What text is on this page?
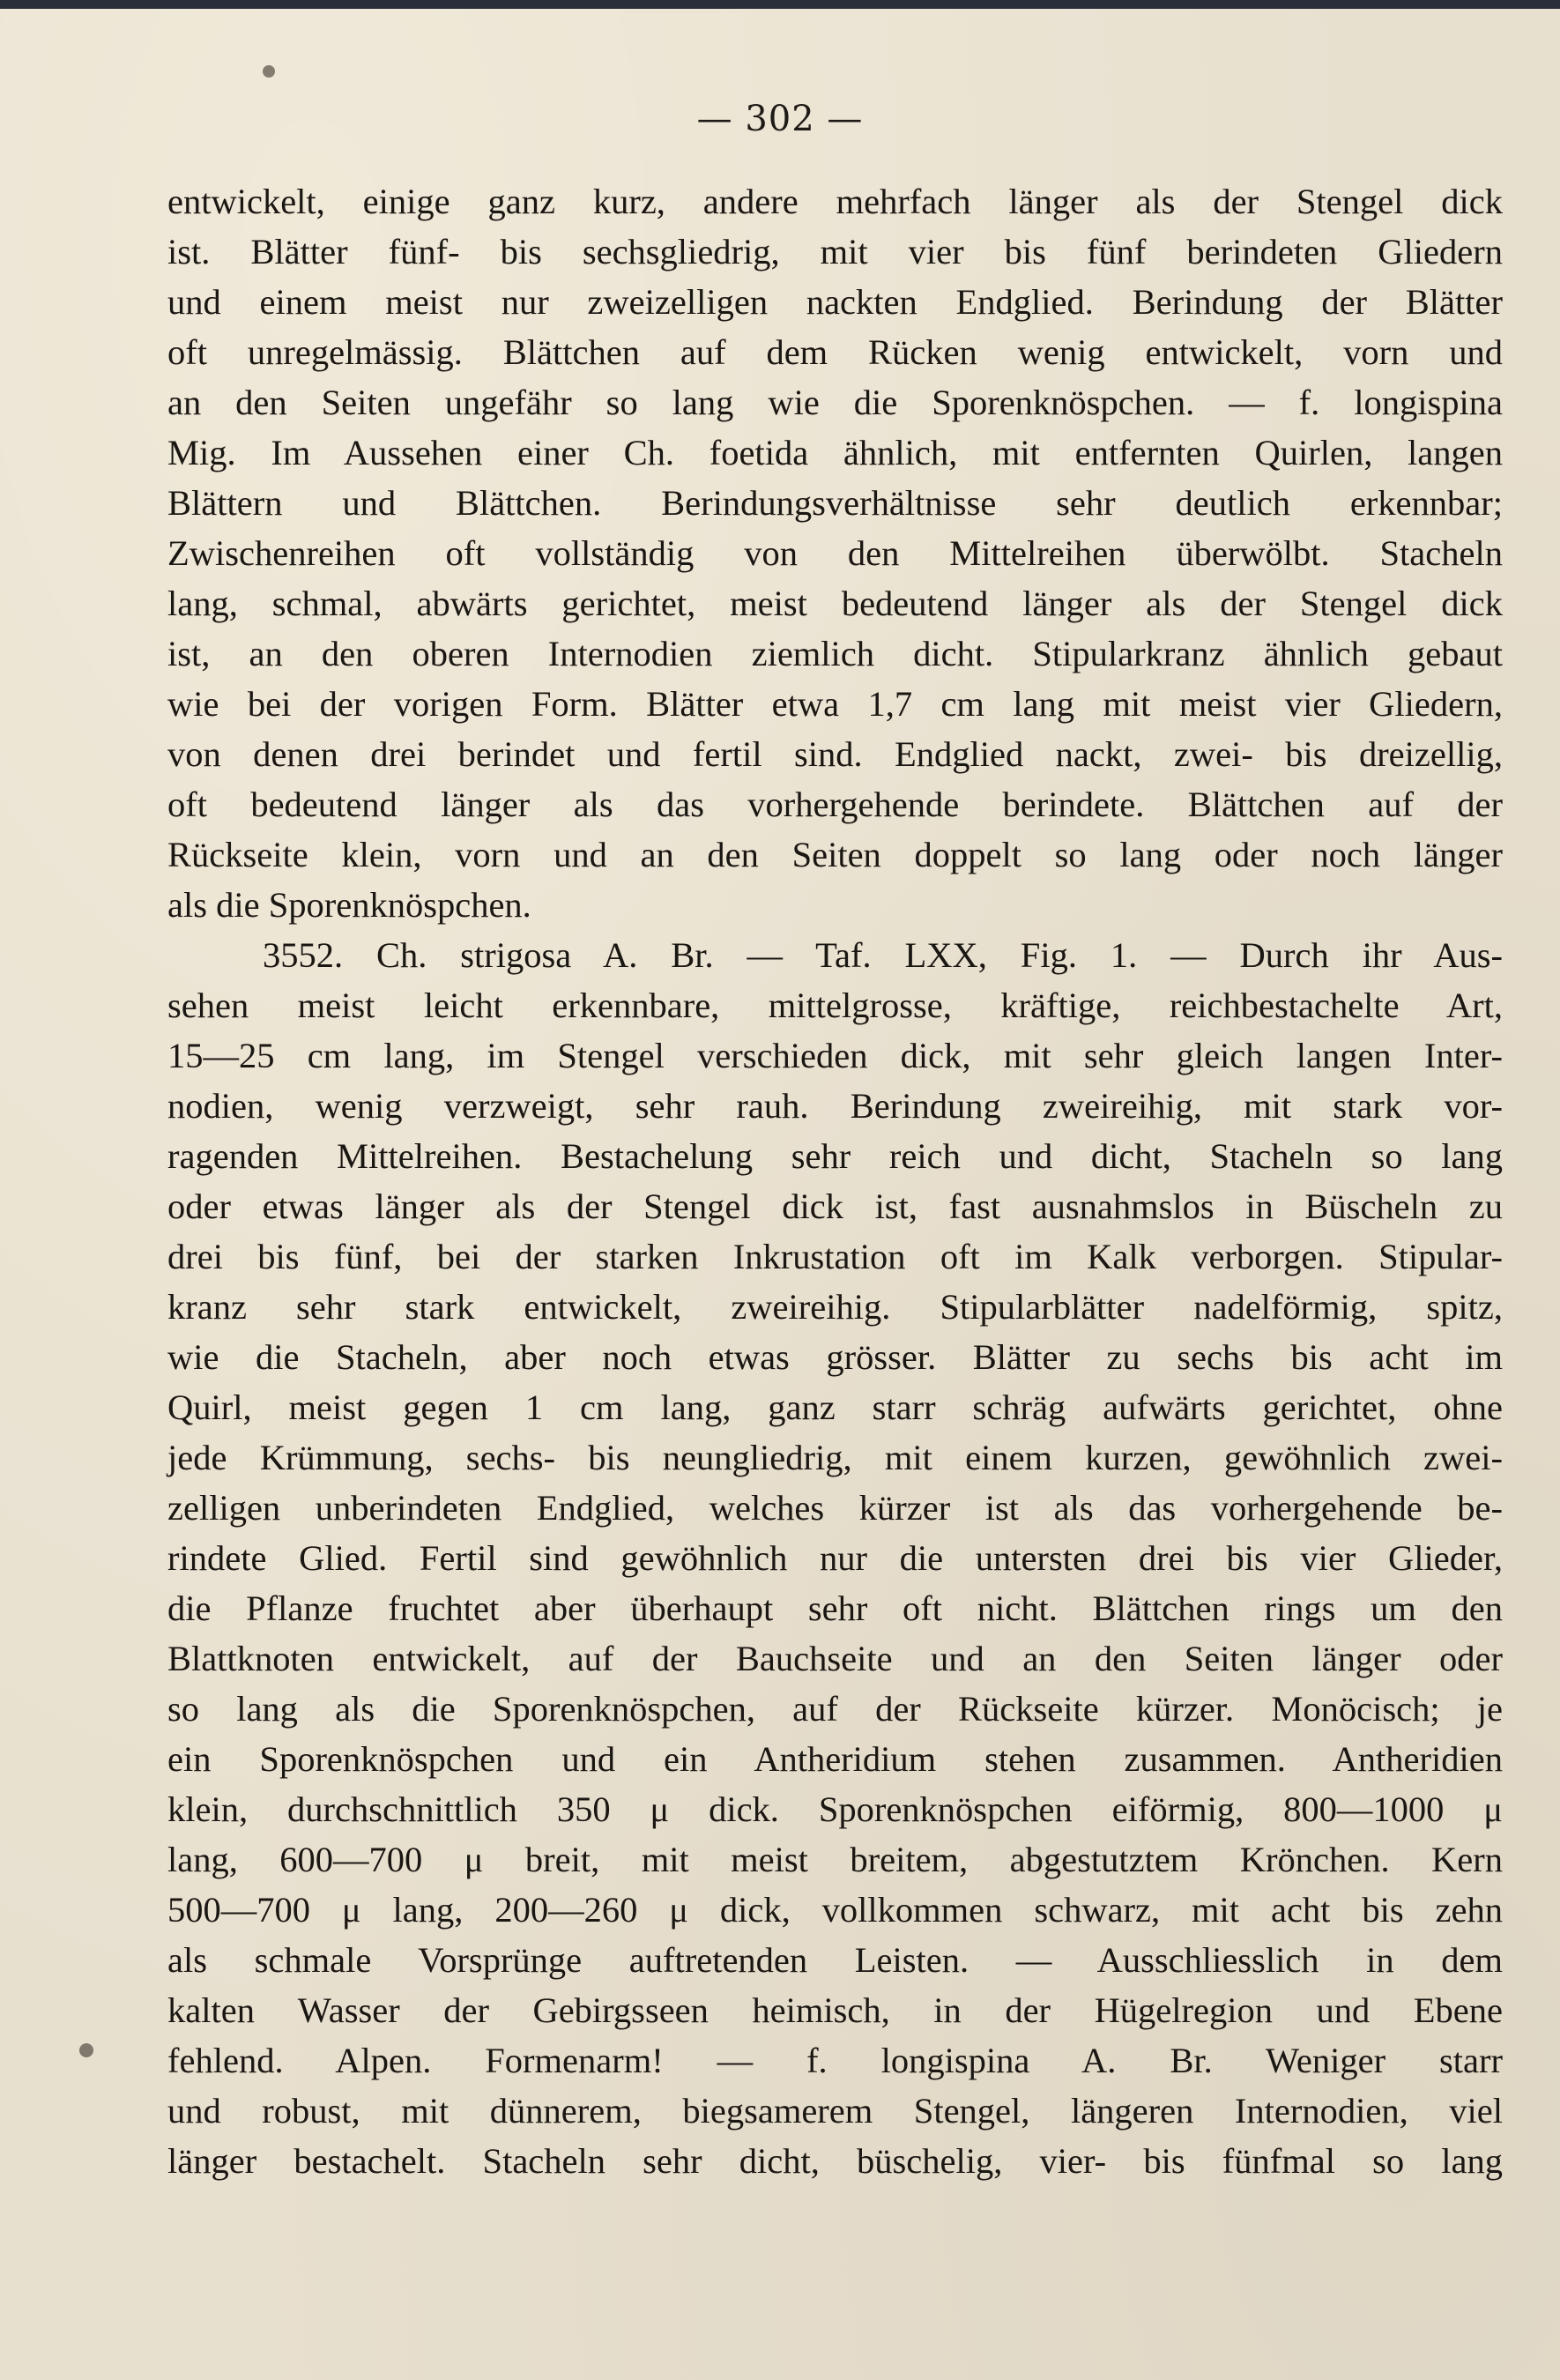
— 302 —
entwickelt, einige ganz kurz, andere mehrfach länger als der Stengel dick
ist. Blätter fünf- bis sechsgliedrig, mit vier bis fünf berindeten Gliedern
und einem meist nur zweizelligen nackten Endglied. Berindung der Blätter
oft unregelmässig. Blättchen auf dem Rücken wenig entwickelt, vorn und
an den Seiten ungefähr so lang wie die Sporenknöspchen. — f. longispina
Mig. Im Aussehen einer Ch. foetida ähnlich, mit entfernten Quirlen, langen
Blättern und Blättchen. Berindungsverhältnisse sehr deutlich erkennbar;
Zwischenreihen oft vollständig von den Mittelreihen überwölbt. Stacheln
lang, schmal, abwärts gerichtet, meist bedeutend länger als der Stengel dick
ist, an den oberen Internodien ziemlich dicht. Stipularkranz ähnlich gebaut
wie bei der vorigen Form. Blätter etwa 1,7 cm lang mit meist vier Gliedern,
von denen drei berindet und fertil sind. Endglied nackt, zwei- bis dreizellig,
oft bedeutend länger als das vorhergehende berindete. Blättchen auf der
Rückseite klein, vorn und an den Seiten doppelt so lang oder noch länger
als die Sporenknöspchen.
3552. Ch. strigosa A. Br. — Taf. LXX, Fig. 1. — Durch ihr Aus-
sehen meist leicht erkennbare, mittelgrosse, kräftige, reichbestachelte Art,
15—25 cm lang, im Stengel verschieden dick, mit sehr gleich langen Inter-
nodien, wenig verzweigt, sehr rauh. Berindung zweireihig, mit stark vor-
ragenden Mittelreihen. Bestachelung sehr reich und dicht, Stacheln so lang
oder etwas länger als der Stengel dick ist, fast ausnahmslos in Büscheln zu
drei bis fünf, bei der starken Inkrustation oft im Kalk verborgen. Stipular-
kranz sehr stark entwickelt, zweireihig. Stipularblätter nadelförmig, spitz,
wie die Stacheln, aber noch etwas grösser. Blätter zu sechs bis acht im
Quirl, meist gegen 1 cm lang, ganz starr schräg aufwärts gerichtet, ohne
jede Krümmung, sechs- bis neungliedrig, mit einem kurzen, gewöhnlich zwei-
zelligen unberindeten Endglied, welches kürzer ist als das vorhergehende be-
rindete Glied. Fertil sind gewöhnlich nur die untersten drei bis vier Glieder,
die Pflanze fruchtet aber überhaupt sehr oft nicht. Blättchen rings um den
Blattknoten entwickelt, auf der Bauchseite und an den Seiten länger oder
so lang als die Sporenknöspchen, auf der Rückseite kürzer. Monöcisch; je
ein Sporenknöspchen und ein Antheridium stehen zusammen. Antheridien
klein, durchschnittlich 350 μ dick. Sporenknöspchen eiförmig, 800—1000 μ
lang, 600—700 μ breit, mit meist breitem, abgestutztem Krönchen. Kern
500—700 μ lang, 200—260 μ dick, vollkommen schwarz, mit acht bis zehn
als schmale Vorsprünge auftretenden Leisten. — Ausschliesslich in dem
kalten Wasser der Gebirgsseen heimisch, in der Hügelregion und Ebene
fehlend. Alpen. Formenarm! — f. longispina A. Br. Weniger starr
und robust, mit dünnerem, biegsamerem Stengel, längeren Internodien, viel
länger bestachelt. Stacheln sehr dicht, büschelig, vier- bis fünfmal so lang
